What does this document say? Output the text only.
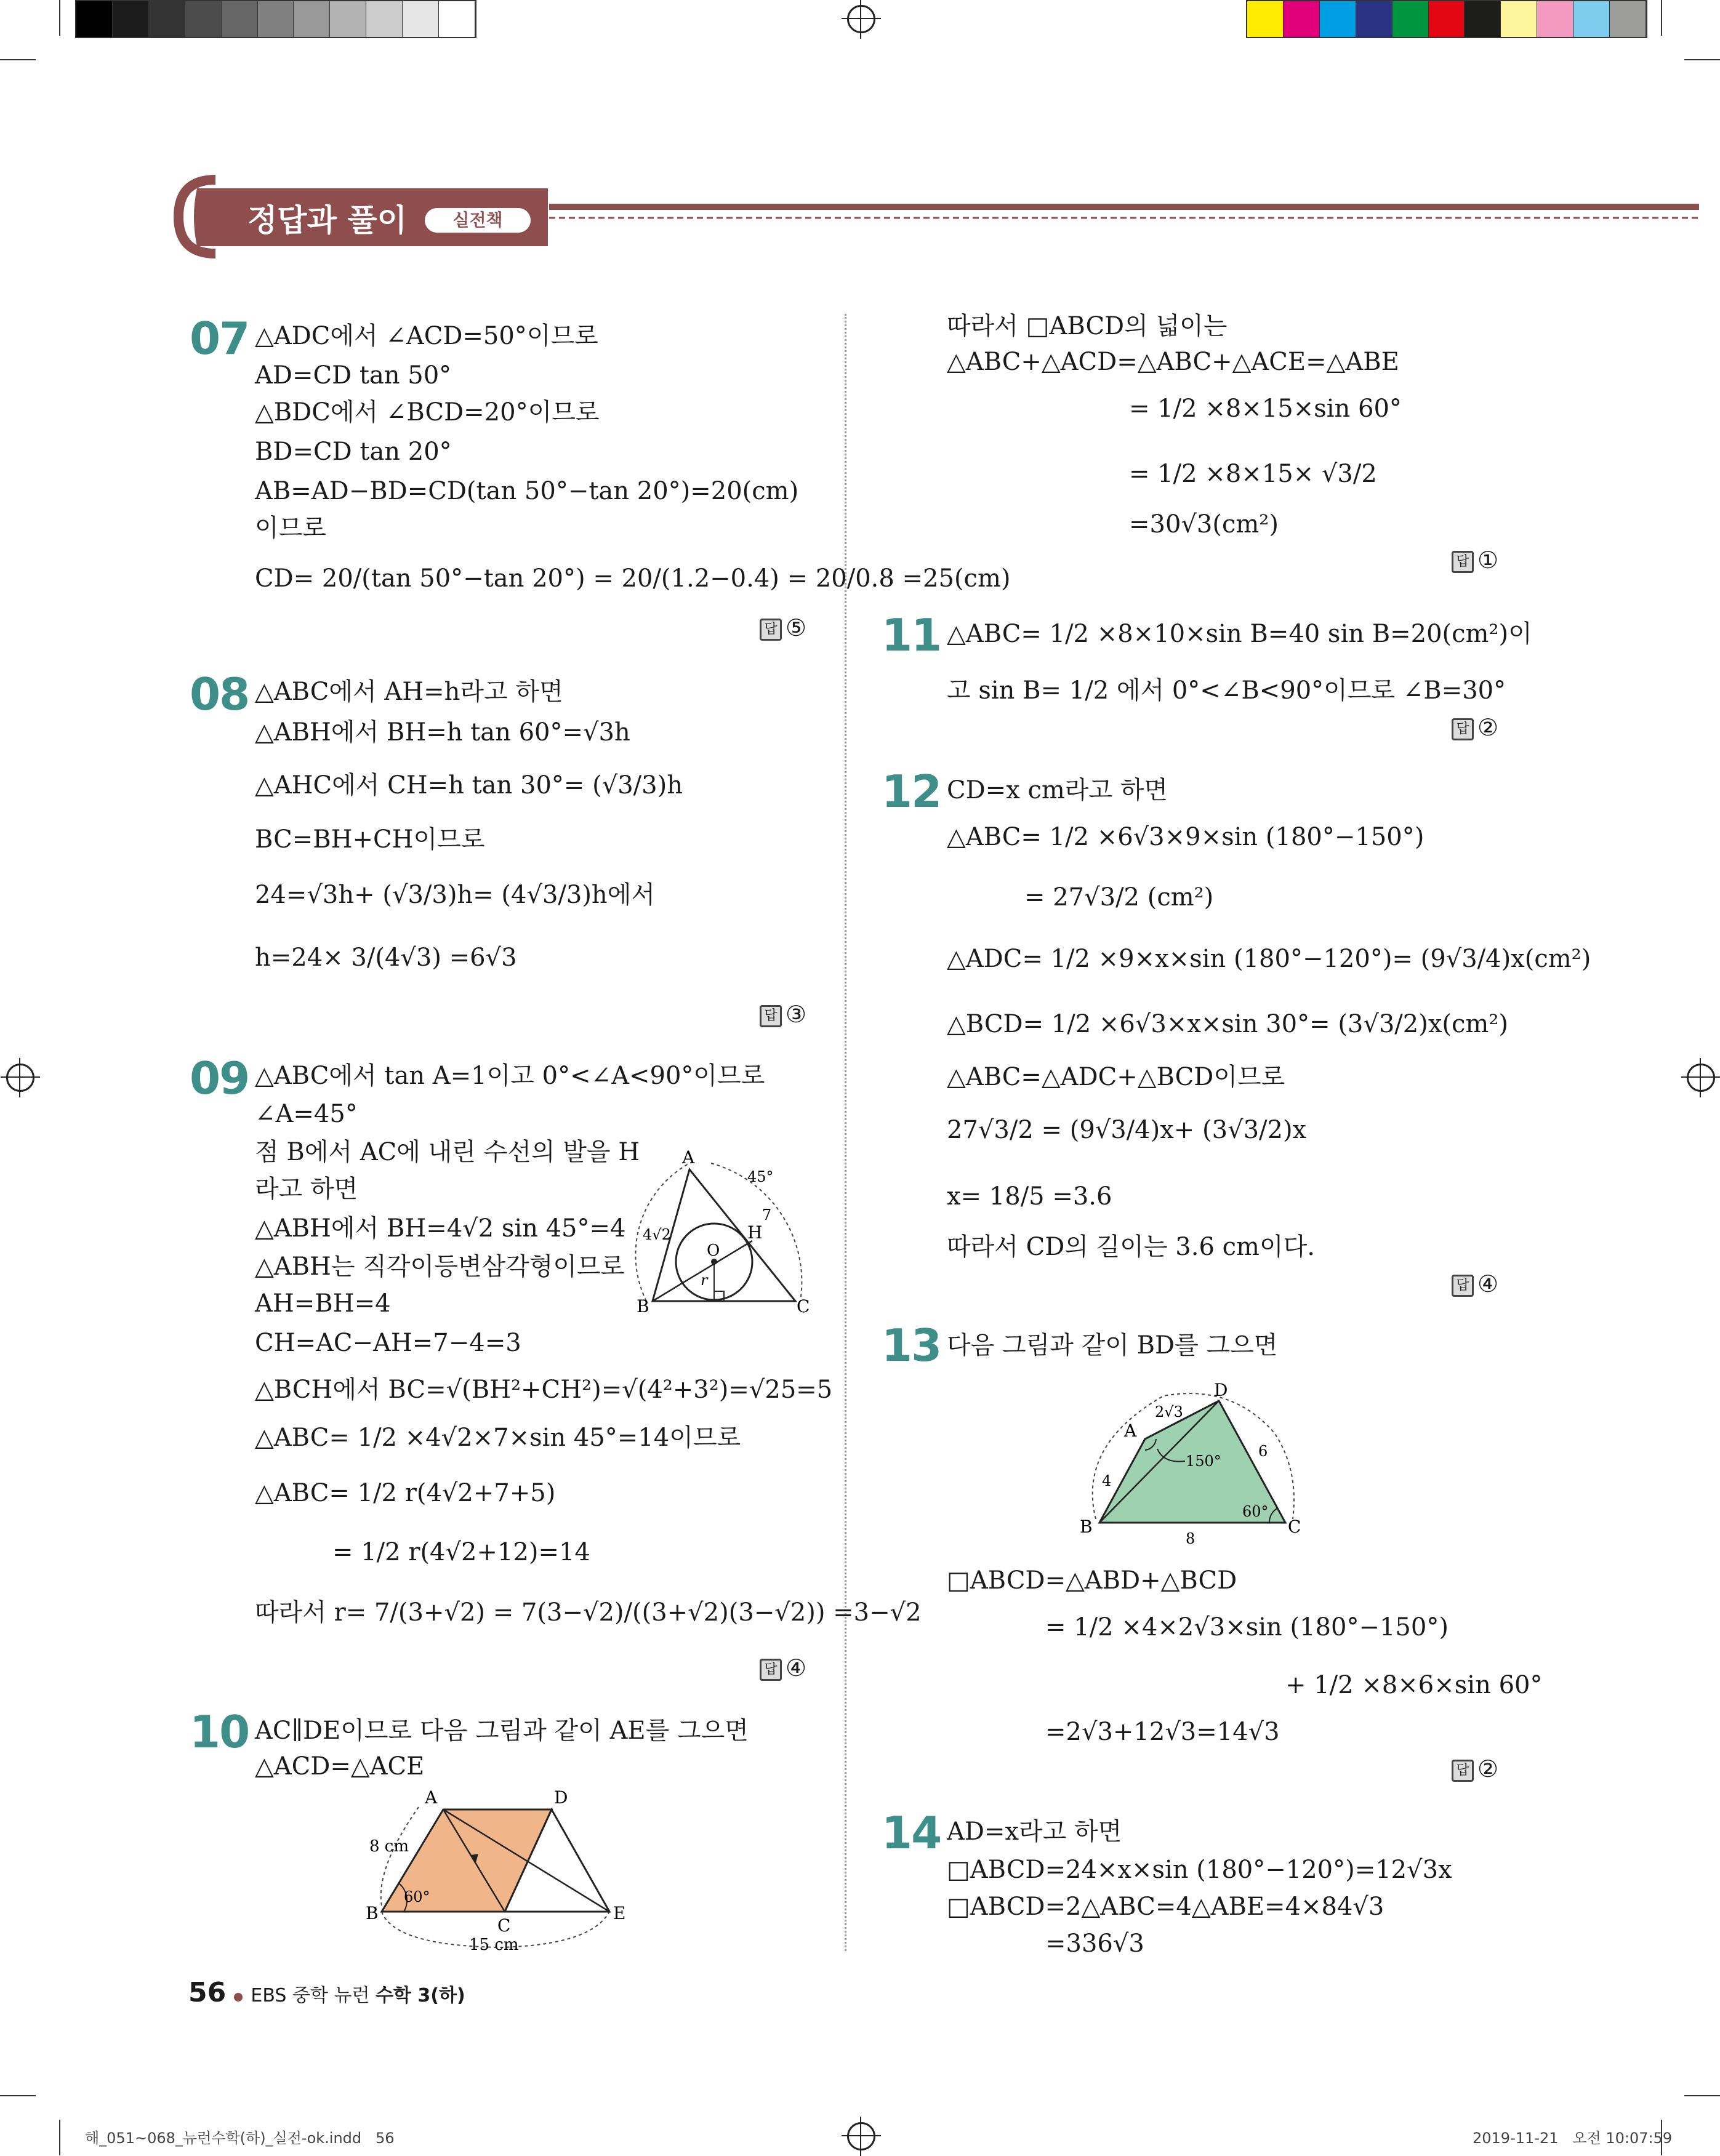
정답과 풀이	실전책
07 △ADC에서 ∠ACD=50°이므로
AD=CD tan 50°
△BDC에서 ∠BCD=20°이므로
BD=CD tan 20°
AB=AD−BD=CD(tan 50°−tan 20°)=20(cm)
이므로
CD= 20/(tan 50°−tan 20°) = 20/(1.2−0.4) = 20/0.8 =25(cm)
답 ⑤
08 △ABC에서 AH=h라고 하면
△ABH에서 BH=h tan 60°=√3h
△AHC에서 CH=h tan 30°= (√3/3)h
BC=BH+CH이므로
24=√3h+ (√3/3)h= (4√3/3)h에서
h=24× 3/(4√3) =6√3
답 ③
09 △ABC에서 tan A=1이고 0°<∠A<90°이므로
∠A=45°
점 B에서 AC에 내린 수선의 발을 H
라고 하면
△ABH에서 BH=4√2 sin 45°=4
△ABH는 직각이등변삼각형이므로
AH=BH=4
CH=AC−AH=7−4=3
△BCH에서 BC=√(BH²+CH²)=√(4²+3²)=√25=5
△ABC= 1/2 ×4√2×7×sin 45°=14이므로
△ABC= 1/2 r(4√2+7+5)
= 1/2 r(4√2+12)=14
따라서 r= 7/(3+√2) = 7(3−√2)/((3+√2)(3−√2)) =3−√2
답 ④
A
45°
7
4√2	H
O
r
B	C
10 AC∥DE이므로 다음 그림과 같이 AE를 그으면
△ACD=△ACE
A	D
8 cm
60°
B
C
E
15 cm
따라서 □ABCD의 넓이는
△ABC+△ACD=△ABC+△ACE=△ABE
= 1/2 ×8×15×sin 60°
= 1/2 ×8×15× √3/2
=30√3(cm²)
답 ①
11 △ABC= 1/2 ×8×10×sin B=40 sin B=20(cm²)이
고 sin B= 1/2 에서 0°<∠B<90°이므로 ∠B=30°
답 ②
12 CD=x cm라고 하면
△ABC= 1/2 ×6√3×9×sin (180°−150°)
= 27√3/2 (cm²)
△ADC= 1/2 ×9×x×sin (180°−120°)= (9√3/4)x(cm²)
△BCD= 1/2 ×6√3×x×sin 30°= (3√3/2)x(cm²)
△ABC=△ADC+△BCD이므로
27√3/2 = (9√3/4)x+ (3√3/2)x
x= 18/5 =3.6
따라서 CD의 길이는 3.6 cm이다.
답 ④
13 다음 그림과 같이 BD를 그으면
D
2√3
A
6
150°
4
60°
B	C
8
□ABCD=△ABD+△BCD
= 1/2 ×4×2√3×sin (180°−150°)
+ 1/2 ×8×6×sin 60°
=2√3+12√3=14√3
답 ②
14 AD=x라고 하면
□ABCD=24×x×sin (180°−120°)=12√3x
□ABCD=2△ABC=4△ABE=4×84√3
=336√3
56 EBS 중학 뉴런 수학 3(하)
해_051~068_뉴런수학(하)_실전-ok.indd   56	2019-11-21   오전 10:07:59
